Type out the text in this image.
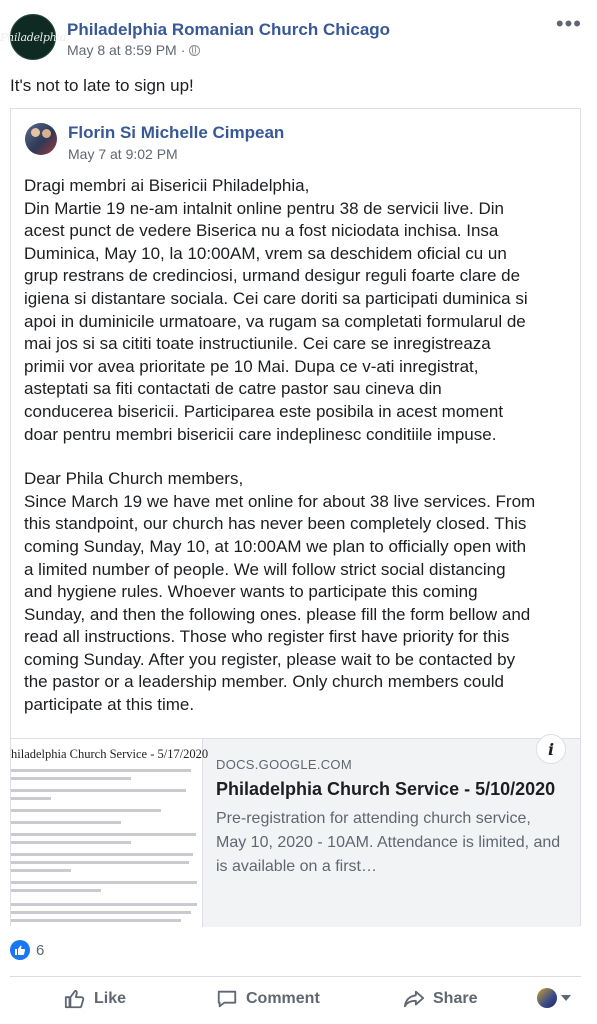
Philadelphia Philadelphia Romanian Church Chicago
May 8 at 8:59 PM ·
•••
It's not to late to sign up!
Florin Si Michelle Cimpean
May 7 at 9:02 PM
Dragi membri ai Bisericii Philadelphia,
Din Martie 19 ne-am intalnit online pentru 38 de servicii live. Din
acest punct de vedere Biserica nu a fost niciodata inchisa. Insa
Duminica, May 10, la 10:00AM, vrem sa deschidem oficial cu un
grup restrans de credinciosi, urmand desigur reguli foarte clare de
igiena si distantare sociala. Cei care doriti sa participati duminica si
apoi in duminicile urmatoare, va rugam sa completati formularul de
mai jos si sa cititi toate instructiunile. Cei care se inregistreaza
primii vor avea prioritate pe 10 Mai. Dupa ce v-ati inregistrat,
asteptati sa fiti contactati de catre pastor sau cineva din
conducerea bisericii. Participarea este posibila in acest moment
doar pentru membri bisericii care indeplinesc conditiile impuse.
Dear Phila Church members,
Since March 19 we have met online for about 38 live services. From
this standpoint, our church has never been completely closed. This
coming Sunday, May 10, at 10:00AM we plan to officially open with
a limited number of people. We will follow strict social distancing
and hygiene rules. Whoever wants to participate this coming
Sunday, and then the following ones. please fill the form bellow and
read all instructions. Those who register first have priority for this
coming Sunday. After you register, please wait to be contacted by
the pastor or a leadership member. Only church members could
participate at this time.
hiladelphia Church Service - 5/17/2020
DOCS.GOOGLE.COM
Philadelphia Church Service - 5/10/2020
Pre-registration for attending church service, May 10, 2020 - 10AM. Attendance is limited, and is available on a first…
i
6
Like	Comment	Share
